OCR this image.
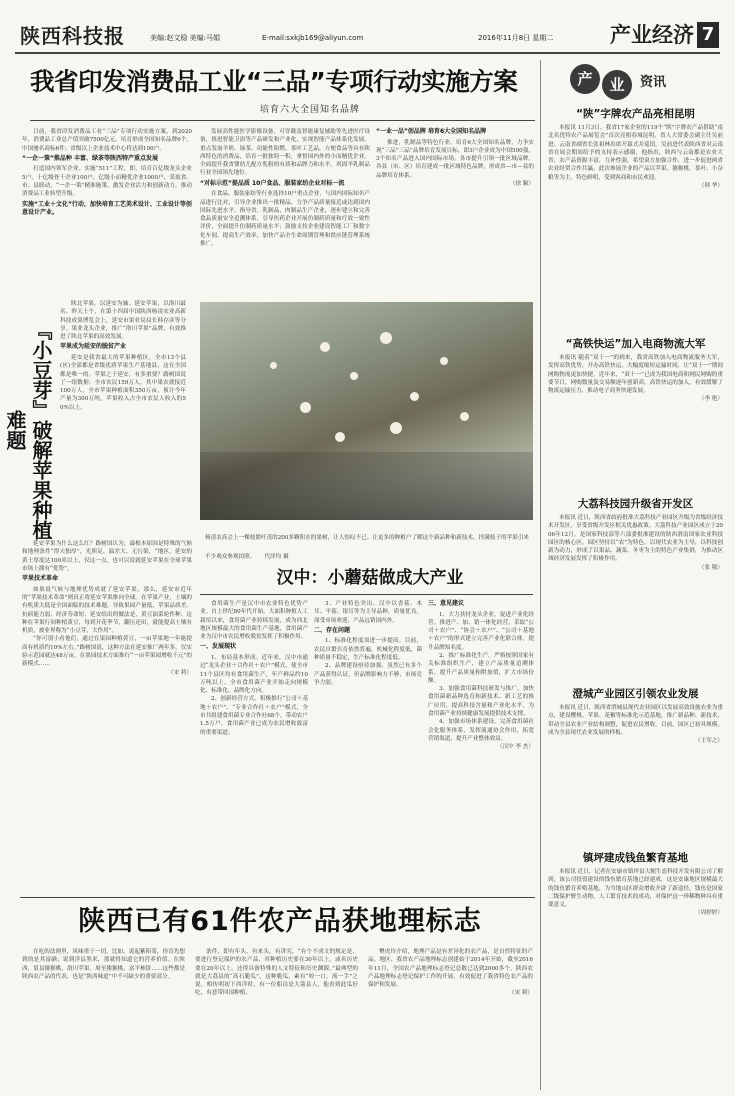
陕西科技报	美编:赵文稳 美编:马娟	E-mail:sxkjb169@aliyun.com	2016年11月8日 星期二	产业经济 7
我省印发消费品工业“三品”专项行动实施方案
培育六大全国知名品牌
日前，我省印发消费品工业“三品”专项行动实施方案，到2020年，消费品工业总产值突破7500亿元，培育形成全国知名品牌6个，中国驰名商标6件；省级以上企业技术中心将达到100户。
“一企一策”推品种 丰富、绿茶等陕西特产重点发展
打造国内领军企业。实施“511”工程，即，培育百亿级龙头企业5户、十亿级骨干企业100户，亿级小而精优企业1000户，采取省、市、县联动，“一企一策”精准施策，激发企业活力和创新动力，推动消费品工业转型升级。
实施“工业＋文化”行动，加快培育工艺美术设计、工业设计等创意设计产业。
发展高性能医学影像设备，可穿戴及智能康复辅助等先进医疗设备，推进智能卫浴等产品研发和产业化，实现智能产品体系化发展。重点发展羊奶、绿茶、功能性阻燃、茶叶工艺品，方便食品等具有陕西特色的消费品，培育一批独特一积，拿督国内外的小而精优企业。全面提升我省婴幼儿配方乳粉的有质和品牌力和水平，巩固羊乳制品行业全国领先地位。
“对标示范”提品质 10户食品、服装家纺企业对标一流
在食品、服装家纺等行业选择10户重点企业，与国内国际知名产品进行比对，引导企业推出一批精品，力争产品质量接近或达到国内国际先进水平。指导省、乳制品、肉制品生产企业，逐步建立和完善食品质量安全追溯体系，引导医药企业开展仿制药质量和疗效一致性评价，全面提升仿制药质量水平；鼓励支持企业建设智能工厂和数字化车间，提高生产效率，加快产品全生命周期管理和供应链管理系统推广。
“一业一品”创品牌 培育6大全国知名品牌
推进，乳制品等特色行业，培育6大全国知名品牌，力争实现“三品”三品”品牌培育发展目标，即3户企业成为中国500强，3个知名产品进入国内国际市场。各市提升引领一批区域品牌，各县（市、区）培育建成一批区域特色品牌，形成省—市—县的品牌培育体系。
（徐 颖）
产	业	资讯
“陕”字牌农产品亮相昆明
本报讯 11月3日，我省17家企业的119个“陕”字牌农产品借助“南北名优特农产品展览会”首次亮相春城昆明。省人大常委会副主任吴前进、云南省副省长张祖林出席开幕式并巡馆。吴前进代表陕西省对云南省在展会期间给予的支持表示感谢，他指出，陕西与云南都是农业大省，农产品资源丰富，互补性强，希望双方加强合作，进一步促进两省农业经贸合作共赢。此次参展企业的产品以苹果、猕猴桃、茶叶、小杂粮等为主，特色鲜明，受到客商和市民欢迎。
（韩 华）
“高铁快运”加入电商物流大军
本报讯 随着“双十一”的到来，我省高铁加入电商物流服务大军，发挥高铁优势，开办高铁快运，大幅度缩短运输时间，让“双十一”期间网购物流更加快捷。近年来，“双十一”已成为我国电商和网民网购的重要节日，网购数量及交易额逐年创新高，高铁快运的加入，有效缓解了物流运输压力，推动电子商务快速发展。
（李 艳）
大荔科技园升级省开发区
本报讯 近日，陕西省政府批准大荔科技产业园区升级为省级经济技术开发区，享受省级开发区相关优惠政策。大荔科技产业园区成立于2006年12月，是国家科技部等六部委批准建设的陕西渭南国家农业科技园区的核心区。园区坚持以“农”为特色，以现代农业为主导，以科技创新为动力，形成了以果品、蔬菜、冬枣为主的特色产业集群，为推动区域经济发展发挥了积极作用。
（张 敬）
澄城产业园区引领农业发展
本报讯 近日，陕西省澄城县现代农业园区以发展高效设施农业为重点，建设樱桃、苹果、花椒等标准化示范基地，推广新品种、新技术，带动全县农业产业结构调整，促进农民增收。目前，园区已初具规模，成为全县现代农业发展的样板。
（王军之）
镇坪建成钱鱼繁育基地
本报讯 近日，记者在安康市镇坪县大鲵生态科技开发有限公司了解到，该公司投资建设的钱鱼繁育基地已经建成，这是安康地区规模最大的钱鱼繁育养殖基地，为当地山区群众增收开辟了新途径。钱鱼是国家二级保护野生动物，人工繁育技术的成功，对保护这一珍稀物种具有重要意义。
（周婷婷）
『小豆芽』破解苹果种植难题
陕北苹果，以延安为轴。延安苹果，以洛川最名。昨天上午，在第十四届中国陕西杨凌农业高新科技成果博览会上，延安市果业局局长韩存彦等分享。果业龙头企业，推广“洛川苹果”品牌，有效推进了陕北苹果的高效发展。
苹果成为延安的脱贫产业
延安是我省最大的苹果种植区，全市13个县(区)全部都是省级优质苹果生产基地县，这在全国都是唯一的。苹果之于延安，有多重要？路树国说了一组数据：全市农民159万人，其中果农就接近100万人。全市苹果种植面积350万亩，预计今年产量为300万吨，苹果收入占全市农民人收入的50%以上。
延安苹果为什么这么红？路树国认为，最根本原因是特殊的气候和地理条件“得天独厚”，光照足、温差大、无污染，“地区，延安的黄土厚度达100米以上，仅这一点，也可以说就延安苹果在全球苹果市场上拥有“优势”。
苹果技术革命
如果说气候与地理优势成就了延安苹果，那么，延安市近年的“苹果技术革命”则真正将延安苹果推向全球。在苹果产业，土壤的有机质大低是全国面临的技术难题。导致果园产量低，苹果品质差、抗病能力弱、经济寿命短、延安给出的做法是，黄豆油菜轮作种、这种在苹果行间种植黄豆，每到开花季节，翻压还田，就能提高土壤有机质，被业界称为“小豆芽，大作用”。
“你可别小看他们，通过在果园种植黄豆，一亩苹果地一年能提高有机质约10%左右。”路树国说，这种方法在延安推广两年多，仅实验示范园就达48万亩，在果园技术方面推行“一亩苹果园增收千元”的新模式……
（宋 莉）
杨凌农高会上一棵枝繁叶茂的200多颗积水的果树，让人惊叹不已。让更多的种植户了解这个新品种和新技术，挂满枝子的苹果引来不少观众参观拍照。 代泽均 摄
汉中：小蘑菇做成大产业
食用菌生产是汉中市农业特色优势产业。自上世纪80年代开始，大面积种植人工栽培以来，食用菌产业持续发展，成为西北地区规模最大的食用菌生产基地，食用菌产业为汉中市农民增收脱贫发挥了积极作用。
一、发展现状
1、布局基本形成。近年来，汉中市通过“龙头企业＋合作社＋农户”模式，使全市11个县区均有食用菌生产，年产鲜品约10万吨以上。全市食用菌产业开始走向规模化、标准化、品牌化方向。
2、创新经营方式。积极推行“公司＋基地＋农户”、“专业合作社＋农户”模式，全市共组建食用菌专业合作社68个，带动农户1.5万户，食用菌产业已成为农民增收致富的重要渠道。
3、产业特色突出。汉中以香菇、木耳、平菇、银耳等为主导品种，质量优良，深受市场欢迎，产品远销国内外。
二、存在问题
1、标准化程度需进一步提高。目前，农民自繁自育依然普遍，机械化程度低，菌种质量不稳定，生产标准化程度低。
2、品牌建设亟待加强。虽然已有多个产品获得认证，但品牌影响力不够，市场竞争力弱。
三、意见建议
1、大力扶持龙头企业，促进产业化经营。推进产、加、销一体化经营，采取“公司＋农户”、“协会＋农户”、“公司＋基地＋农户”的形式建立完善产业化联合体，提升品牌知名度。
2、推广标准化生产。严格按照国家有关标准组织生产，建立产品质量追溯体系，提升产品质量和附加值，扩大市场份额。
3、加强食用菌科技研发与推广，加快食用菌新品种选育和新技术、新工艺的推广应用，提高科技含量和产业化水平，为食用菌产业持续健康发展提供技术支撑。
4、加强市场体系建设。完善食用菌社会化服务体系，发挥流通协会作用，拓宽营销渠道，提升产业整体效益。
（汉中 李 杰）
陕西已有61件农产品获地理标志
在吃的法则里，风味重于一切。比如，说起紫阳茶，你首先想到的是其富硒；说到洋县黑米，那就得知道它的营养价值。在陕西，眉县猕猴桃、洛川苹果、周至猕猴桃、富平柿饼……这些都是陕西农产品的代表，也是“陕西味道”中不可缺少的重要部分。
条件，即有年头，有来头，有讲究，“有个不成文的规定是，要进行登记保护的农产品，其种植历史要在30年以上，或名历史要在20年以上，还得具备特殊的人文特征和历史渊源。”最典型的就是大荔县的“高石脆瓜”，这种脆瓜，素有“咬一口，流一手”之说。相传明初下西洋时，有一位船员是大荔县人，他看到此瓜好吃，有意带回国种植。
樊虎玲介绍，地理产品是有差异化的农产品，是自然特征的产品。地区、我省农产品地理标志创建始于2014年开始，截至2016年11月，全国农产品地理标志登记总数已达到2000多个。陕西农产品地理标志登记保护工作的开展，有效促进了我省特色农产品的保护和发展。
（宋 莉）
